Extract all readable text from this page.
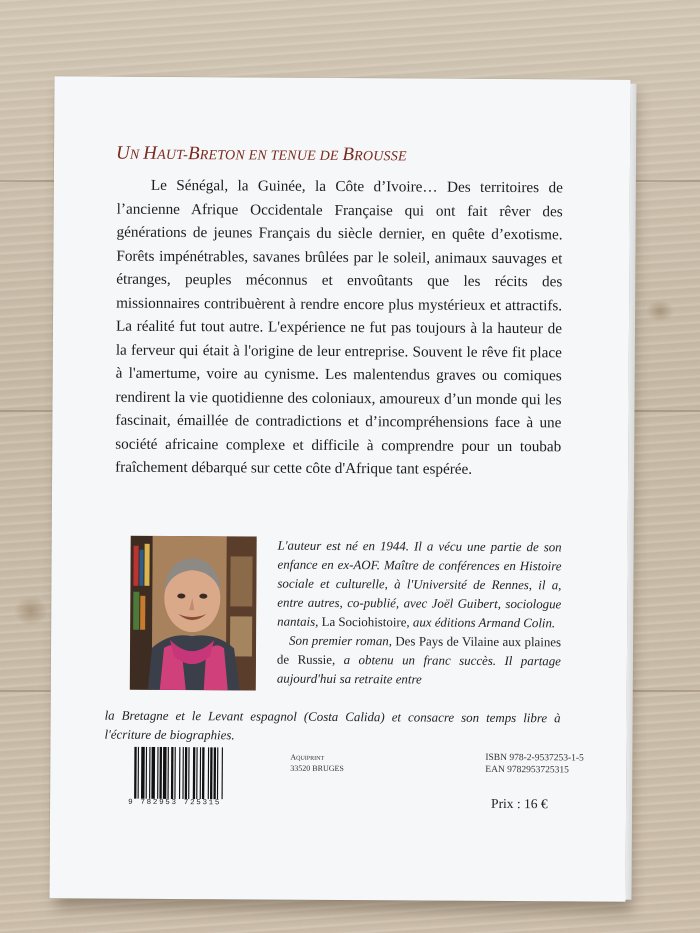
UN HAUT-BRETON EN TENUE DE BROUSSE

Le Sénégal, la Guinée, la Côte d’Ivoire… Des territoires de l’ancienne Afrique Occidentale Française qui ont fait rêver des générations de jeunes Français du siècle dernier, en quête d’exotisme. Forêts impénétrables, savanes brûlées par le soleil, animaux sauvages et étranges, peuples méconnus et envoûtants que les récits des missionnaires contribuèrent à rendre encore plus mystérieux et attractifs. La réalité fut tout autre. L'expérience ne fut pas toujours à la hauteur de la ferveur qui était à l'origine de leur entreprise. Souvent le rêve fit place à l'amertume, voire au cynisme. Les malentendus graves ou comiques rendirent la vie quotidienne des coloniaux, amoureux d’un monde qui les fascinait, émaillée de contradictions et d’incompréhensions face à une société africaine complexe et difficile à comprendre pour un toubab fraîchement débarqué sur cette côte d'Afrique tant espérée.

L'auteur est né en 1944. Il a vécu une partie de son enfance en ex-AOF. Maître de conférences en Histoire sociale et culturelle, à l'Université de Rennes, il a, entre autres, co-publié, avec Joël Guibert, sociologue nantais, La Sociohistoire, aux éditions Armand Colin.
Son premier roman, Des Pays de Vilaine aux plaines de Russie, a obtenu un franc succès. Il partage aujourd'hui sa retraite entre

la Bretagne et le Levant espagnol (Costa Calida) et consacre son temps libre à l'écriture de biographies.

9 782953 725315
Aquiprint
33520 BRUGES
ISBN 978-2-9537253-1-5
EAN 9782953725315
Prix : 16 €
